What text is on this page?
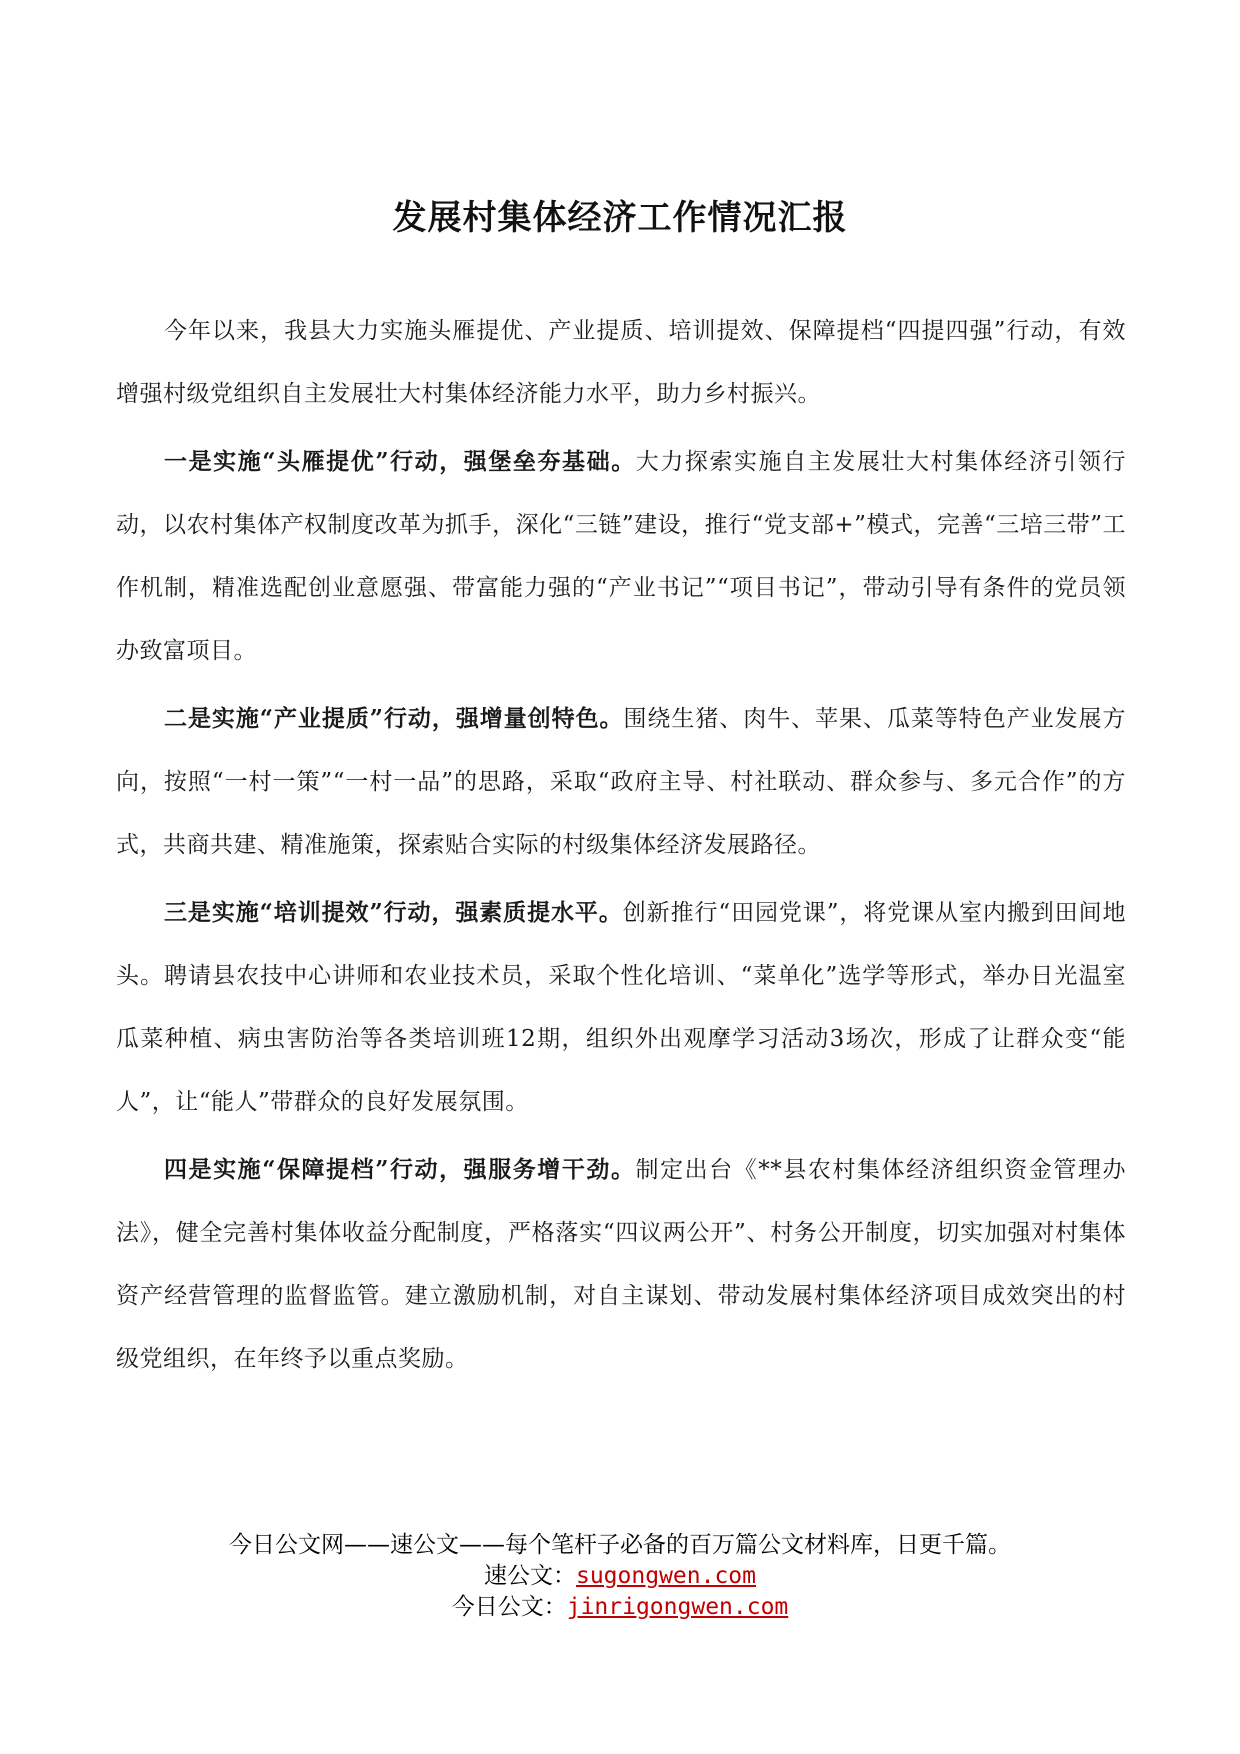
发展村集体经济工作情况汇报

今年以来，我县大力实施头雁提优、产业提质、培训提效、保障提档“四提四强”行动，有效增强村级党组织自主发展壮大村集体经济能力水平，助力乡村振兴。

一是实施“头雁提优”行动，强堡垒夯基础。大力探索实施自主发展壮大村集体经济引领行动，以农村集体产权制度改革为抓手，深化“三链”建设，推行“党支部+”模式，完善“三培三带”工作机制，精准选配创业意愿强、带富能力强的“产业书记”“项目书记”，带动引导有条件的党员领办致富项目。

二是实施“产业提质”行动，强增量创特色。围绕生猪、肉牛、苹果、瓜菜等特色产业发展方向，按照“一村一策”“一村一品”的思路，采取“政府主导、村社联动、群众参与、多元合作”的方式，共商共建、精准施策，探索贴合实际的村级集体经济发展路径。

三是实施“培训提效”行动，强素质提水平。创新推行“田园党课”，将党课从室内搬到田间地头。聘请县农技中心讲师和农业技术员，采取个性化培训、“菜单化”选学等形式，举办日光温室瓜菜种植、病虫害防治等各类培训班12期，组织外出观摩学习活动3场次，形成了让群众变“能人”，让“能人”带群众的良好发展氛围。

四是实施“保障提档”行动，强服务增干劲。制定出台《**县农村集体经济组织资金管理办法》，健全完善村集体收益分配制度，严格落实“四议两公开”、村务公开制度，切实加强对村集体资产经营管理的监督监管。建立激励机制，对自主谋划、带动发展村集体经济项目成效突出的村级党组织，在年终予以重点奖励。

今日公文网——速公文——每个笔杆子必备的百万篇公文材料库，日更千篇。
速公文：sugongwen.com
今日公文：jinrigongwen.com
